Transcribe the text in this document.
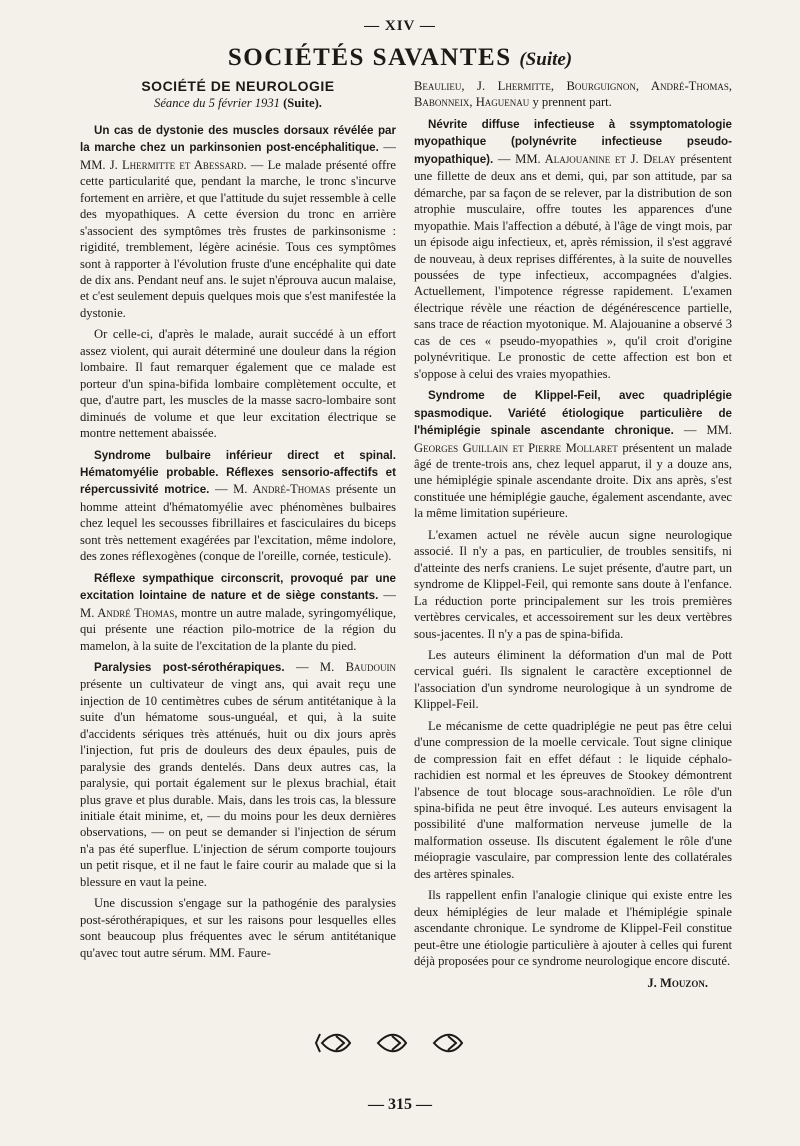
— XIV —
SOCIÉTÉS SAVANTES (Suite)
SOCIÉTÉ DE NEUROLOGIE
Séance du 5 février 1931 (Suite).

Un cas de dystonie des muscles dorsaux révélée par la marche chez un parkinsonien post-encéphalitique. — MM. J. Lhermitte et Abessard. — Le malade présenté offre cette particularité que, pendant la marche, le tronc s'incurve fortement en arrière, et que l'attitude du sujet ressemble à celle des myopathiques. A cette éversion du tronc en arrière s'associent des symptômes très frustes de parkinsonisme : rigidité, tremblement, légère acinésie. Tous ces symptômes sont à rapporter à l'évolution fruste d'une encéphalite qui date de dix ans. Pendant neuf ans. le sujet n'éprouva aucun malaise, et c'est seulement depuis quelques mois que s'est manifestée la dystonie.

Or celle-ci, d'après le malade, aurait succédé à un effort assez violent, qui aurait déterminé une douleur dans la région lombaire. Il faut remarquer également que ce malade est porteur d'un spina-bifida lombaire complètement occulte, et que, d'autre part, les muscles de la masse sacro-lombaire sont diminués de volume et que leur excitation électrique se montre nettement abaissée.

Syndrome bulbaire inférieur direct et spinal. Hématomyélie probable. Réflexes sensorio-affectifs et répercussivité motrice. — M. André-Thomas présente un homme atteint d'hématomyélie avec phénomènes bulbaires chez lequel les secousses fibrillaires et fasciculaires du biceps sont très nettement exagérées par l'excitation, même indolore, des zones réflexogènes (conque de l'oreille, cornée, testicule).

Réflexe sympathique circonscrit, provoqué par une excitation lointaine de nature et de siège constants. — M. André Thomas, montre un autre malade, syringomyélique, qui présente une réaction pilo-motrice de la région du mamelon, à la suite de l'excitation de la plante du pied.

Paralysies post-sérothérapiques. — M. Baudouin présente un cultivateur de vingt ans, qui avait reçu une injection de 10 centimètres cubes de sérum antitétanique à la suite d'un hématome sous-unguéal, et qui, à la suite d'accidents sériques très atténués, huit ou dix jours après l'injection, fut pris de douleurs des deux épaules, puis de paralysie des grands dentelés. Dans deux autres cas, la paralysie, qui portait également sur le plexus brachial, était plus grave et plus durable. Mais, dans les trois cas, la blessure initiale était minime, et, — du moins pour les deux dernières observations, — on peut se demander si l'injection de sérum n'a pas été superflue. L'injection de sérum comporte toujours un petit risque, et il ne faut le faire courir au malade que si la blessure en vaut la peine.

Une discussion s'engage sur la pathogénie des paralysies post-sérothérapiques, et sur les raisons pour lesquelles elles sont beaucoup plus fréquentes avec le sérum antitétanique qu'avec tout autre sérum. MM. Faure-

Beaulieu, J. Lhermitte, Bourguignon, André-Thomas, Babonneix, Haguenau y prennent part.

Névrite diffuse infectieuse à ssymptomatologie myopathique (polynévrite infectieuse pseudo-myopathique). — MM. Alajouanine et J. Delay présentent une fillette de deux ans et demi, qui, par son attitude, par sa démarche, par sa façon de se relever, par la distribution de son atrophie musculaire, offre toutes les apparences d'une myopathie. Mais l'affection a débuté, à l'âge de vingt mois, par un épisode aigu infectieux, et, après rémission, il s'est aggravé de nouveau, à deux reprises différentes, à la suite de nouvelles poussées de type infectieux, accompagnées d'algies. Actuellement, l'impotence régresse rapidement. L'examen électrique révèle une réaction de dégénérescence partielle, sans trace de réaction myotonique. M. Alajouanine a observé 3 cas de ces « pseudo-myopathies », qu'il croit d'origine polynévritique. Le pronostic de cette affection est bon et s'oppose à celui des vraies myopathies.

Syndrome de Klippel-Feil, avec quadriplégie spasmodique. Variété étiologique particulière de l'hémiplégie spinale ascendante chronique. — MM. Georges Guillain et Pierre Mollaret présentent un malade âgé de trente-trois ans, chez lequel apparut, il y a douze ans, une hémiplégie spinale ascendante droite. Dix ans après, s'est constituée une hémiplégie gauche, également ascendante, avec la même limitation supérieure.

L'examen actuel ne révèle aucun signe neurologique associé. Il n'y a pas, en particulier, de troubles sensitifs, ni d'atteinte des nerfs craniens. Le sujet présente, d'autre part, un syndrome de Klippel-Feil, qui remonte sans doute à l'enfance. La réduction porte principalement sur les trois premières vertèbres cervicales, et accessoirement sur les deux vertèbres sous-jacentes. Il n'y a pas de spina-bifida.

Les auteurs éliminent la déformation d'un mal de Pott cervical guéri. Ils signalent le caractère exceptionnel de l'association d'un syndrome neurologique à un syndrome de Klippel-Feil.

Le mécanisme de cette quadriplégie ne peut pas être celui d'une compression de la moelle cervicale. Tout signe clinique de compression fait en effet défaut : le liquide céphalo-rachidien est normal et les épreuves de Stookey démontrent l'absence de tout blocage sous-arachnoïdien. Le rôle d'un spina-bifida ne peut être invoqué. Les auteurs envisagent la possibilité d'une malformation nerveuse jumelle de la malformation osseuse. Ils discutent également le rôle d'une méiopragie vasculaire, par compression lente des collatérales des artères spinales.

Ils rappellent enfin l'analogie clinique qui existe entre les deux hémiplégies de leur malade et l'hémiplégie spinale ascendante chronique. Le syndrome de Klippel-Feil constitue peut-être une étiologie particulière à ajouter à celles qui furent déjà proposées pour ce syndrome neurologique encore discuté.

J. Mouzon.
— 315 —
